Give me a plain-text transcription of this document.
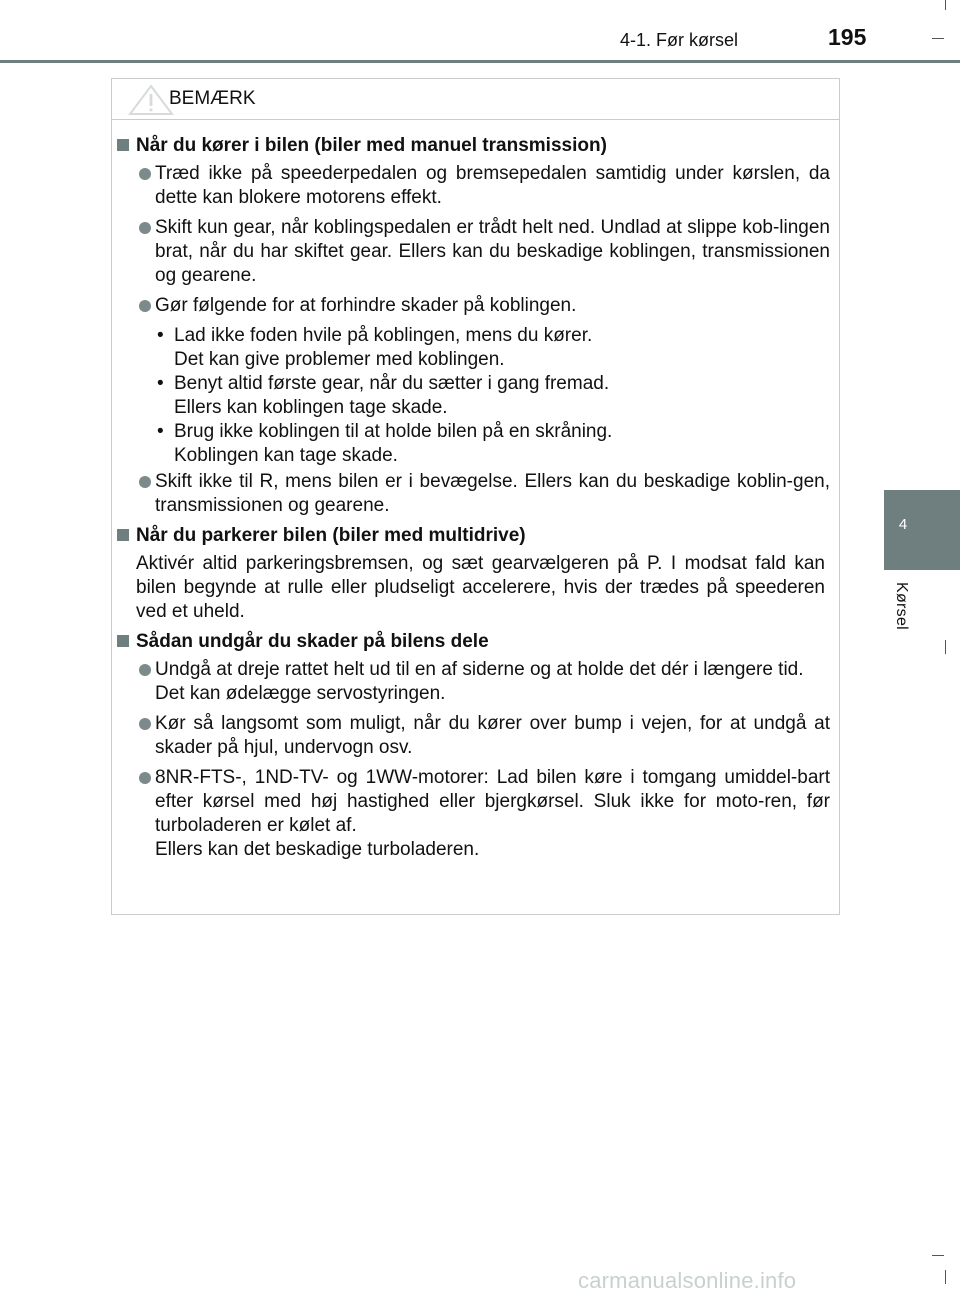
4-1. Før kørsel	195
4
Kørsel
BEMÆRK
Når du kører i bilen (biler med manuel transmission)
Træd ikke på speederpedalen og bremsepedalen samtidig under kørslen, da dette kan blokere motorens effekt.
Skift kun gear, når koblingspedalen er trådt helt ned. Undlad at slippe kob-lingen brat, når du har skiftet gear. Ellers kan du beskadige koblingen, transmissionen og gearene.
Gør følgende for at forhindre skader på koblingen.
• Lad ikke foden hvile på koblingen, mens du kører.
Det kan give problemer med koblingen.
• Benyt altid første gear, når du sætter i gang fremad.
Ellers kan koblingen tage skade.
• Brug ikke koblingen til at holde bilen på en skråning.
Koblingen kan tage skade.
Skift ikke til R, mens bilen er i bevægelse. Ellers kan du beskadige koblin-gen, transmissionen og gearene.
Når du parkerer bilen (biler med multidrive)
Aktivér altid parkeringsbremsen, og sæt gearvælgeren på P. I modsat fald kan bilen begynde at rulle eller pludseligt accelerere, hvis der trædes på speederen ved et uheld.
Sådan undgår du skader på bilens dele
Undgå at dreje rattet helt ud til en af siderne og at holde det dér i længere tid.
Det kan ødelægge servostyringen.
Kør så langsomt som muligt, når du kører over bump i vejen, for at undgå at skader på hjul, undervogn osv.
8NR-FTS-, 1ND-TV- og 1WW-motorer: Lad bilen køre i tomgang umiddel-bart efter kørsel med høj hastighed eller bjergkørsel. Sluk ikke for moto-ren, før turboladeren er kølet af.
Ellers kan det beskadige turboladeren.
carmanualsonline.info
